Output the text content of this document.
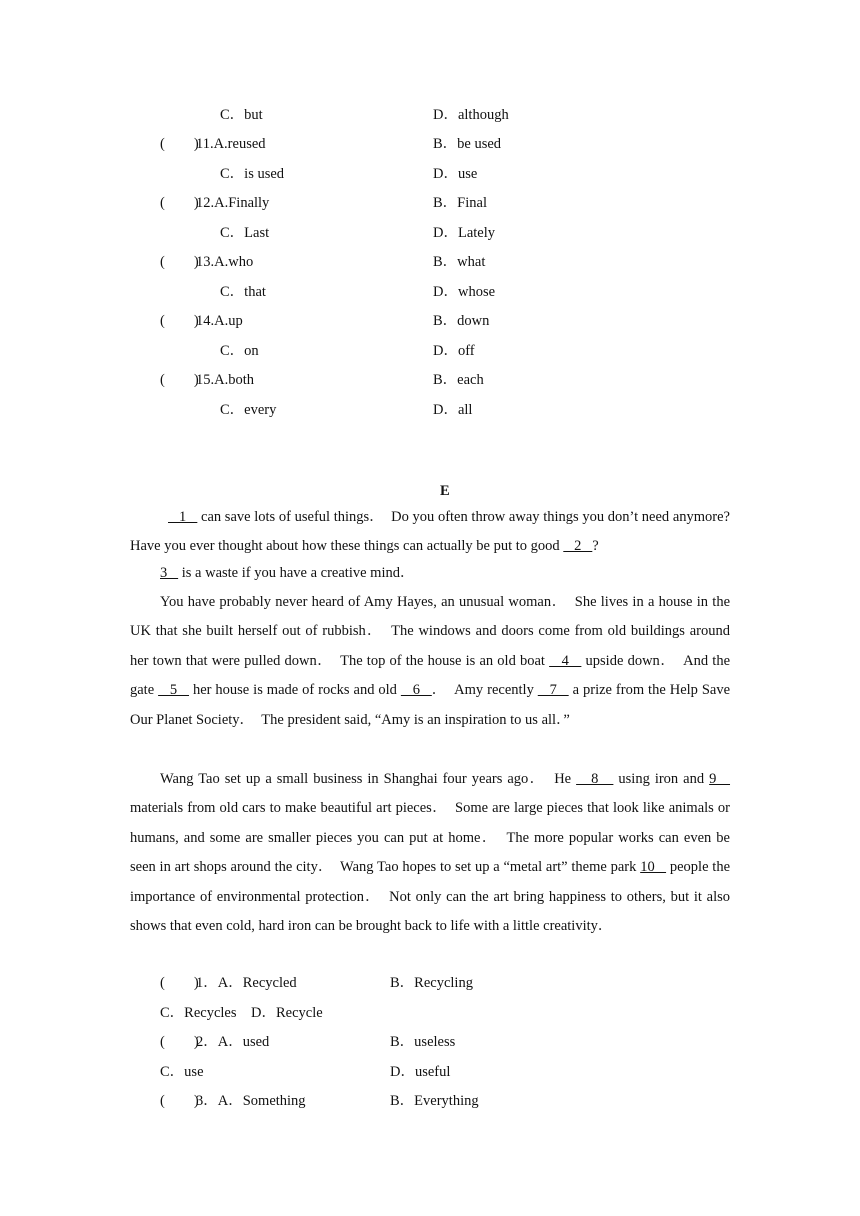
C．but	D．although
(　　)
11.A.reused	B．be used
C．is used	D．use
(　　)
12.A.Finally	B．Final
C．Last	D．Lately
(　　)
13.A.who	B．what
C．that	D．whose
(　　)
14.A.up	B．down
C．on	D．off
(　　)
15.A.both	B．each
C．every	D．all
E

1    can save lots of useful things．　Do you often throw away things you don’t need anymore? Have you ever thought about how these things can actually be put to good    2   ?

3    is a waste if you have a creative mind．

You have probably never heard of Amy Hayes, an unusual woman．　She lives in a house in the UK that she built herself out of rubbish．　The windows and doors come from old buildings around her town that were pulled down．　The top of the house is an old boat    4    upside down．　And the gate    5    her house is made of rocks and old    6   ．　Amy recently    7    a prize from the Help Save Our Planet Society．　The president said, “Amy is an inspiration to us all．”

Wang Tao set up a small business in Shanghai four years ago．　He    8    using iron and 9    materials from old cars to make beautiful art pieces．　Some are large pieces that look like animals or humans, and some are smaller pieces you can put at home．　The more popular works can even be seen in art shops around the city．　Wang Tao hopes to set up a “metal art” theme park 10    people the importance of environmental protection．　Not only can the art bring happiness to others, but it also shows that even cold, hard iron can be brought back to life with a little creativity．

(　　)
1．A．Recycled	B．Recycling
C．Recycles　D．Recycle
(　　)
2．A．used	B．useless
C．use	D．useful
(　　)
3．A．Something	B．Everything
